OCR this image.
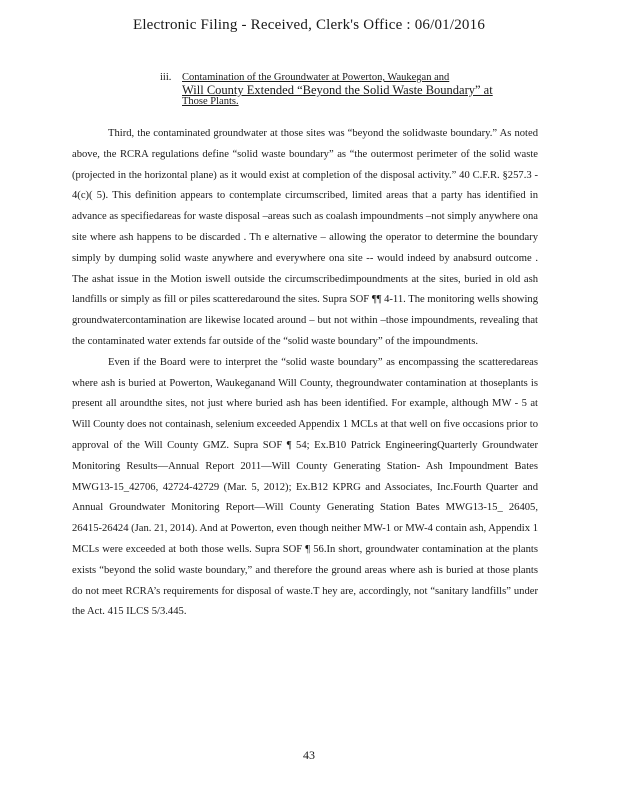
Electronic Filing - Received, Clerk's Office : 06/01/2016
iii. Contamination of the Groundwater at Powerton, Waukegan and
Will County Extended “Beyond the Solid Waste Boundary” at
Those Plants.

Third, the contaminated groundwater at those sites was “beyond the solidwaste boundary.” As noted above, the RCRA regulations define “solid waste boundary” as “the outermost perimeter of the solid waste (projected in the horizontal plane) as it would exist at completion of the disposal activity.” 40 C.F.R. §257.3 - 4(c)( 5). This definition appears to contemplate circumscribed, limited areas that a party has identified in advance as specifiedareas for waste disposal –areas such as coalash impoundments –not simply anywhere ona site where ash happens to be discarded . Th e alternative – allowing the operator to determine the boundary simply by dumping solid waste anywhere and everywhere ona site -- would indeed by anabsurd outcome . The ashat issue in the Motion iswell outside the circumscribedimpoundments at the sites, buried in old ash landfills or simply as fill or piles scatteredaround the sites. Supra SOF ¶¶ 4-11. The monitoring wells showing groundwatercontamination are likewise located around – but not within –those impoundments, revealing that the contaminated water extends far outside of the “solid waste boundary” of the impoundments.

Even if the Board were to interpret the “solid waste boundary” as encompassing the scatteredareas where ash is buried at Powerton, Waukeganand Will County, thegroundwater contamination at thoseplants is present all aroundthe sites, not just where buried ash has been identified. For example, although MW - 5 at Will County does not containash, selenium exceeded Appendix 1 MCLs at that well on five occasions prior to approval of the Will County GMZ. Supra SOF ¶ 54; Ex.B10 Patrick EngineeringQuarterly Groundwater Monitoring Results—Annual Report 2011—Will County Generating Station- Ash Impoundment Bates MWG13-15_42706, 42724-42729 (Mar. 5, 2012); Ex.B12 KPRG and Associates, Inc.Fourth Quarter and Annual Groundwater Monitoring Report—Will County Generating Station Bates MWG13-15_ 26405, 26415-26424 (Jan. 21, 2014). And at Powerton, even though neither MW-1 or MW-4 contain ash, Appendix 1 MCLs were exceeded at both those wells. Supra SOF ¶ 56.In short, groundwater contamination at the plants exists “beyond the solid waste boundary,” and therefore the ground areas where ash is buried at those plants do not meet RCRA’s requirements for disposal of waste.T hey are, accordingly, not “sanitary landfills” under the Act. 415 ILCS 5/3.445.

43
